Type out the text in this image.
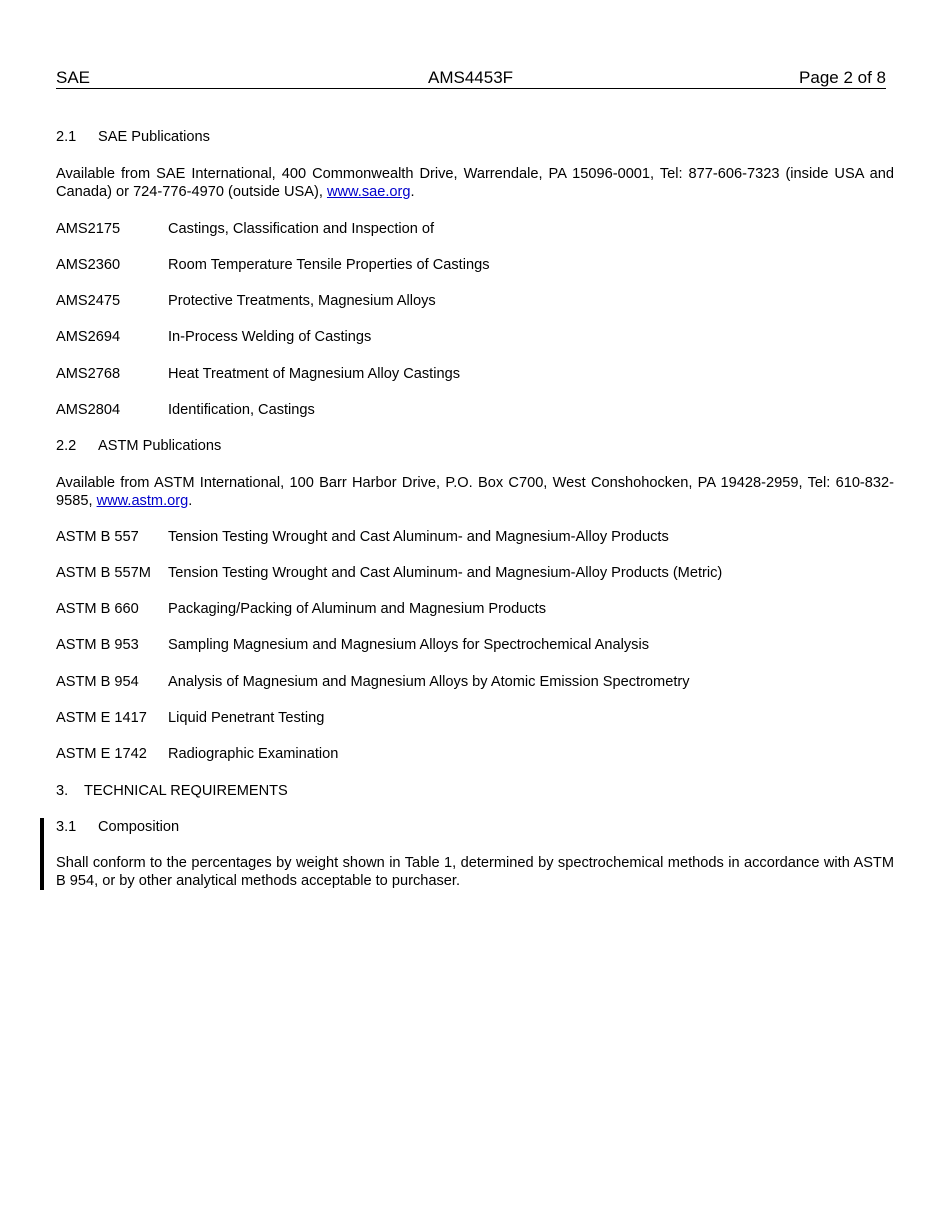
SAE	AMS4453F	Page 2 of 8

2.1 SAE Publications

Available from SAE International, 400 Commonwealth Drive, Warrendale, PA 15096-0001, Tel: 877-606-7323 (inside USA and Canada) or 724-776-4970 (outside USA), www.sae.org.

AMS2175	Castings, Classification and Inspection of
AMS2360	Room Temperature Tensile Properties of Castings
AMS2475	Protective Treatments, Magnesium Alloys
AMS2694	In-Process Welding of Castings
AMS2768	Heat Treatment of Magnesium Alloy Castings
AMS2804	Identification, Castings

2.2 ASTM Publications

Available from ASTM International, 100 Barr Harbor Drive, P.O. Box C700, West Conshohocken, PA 19428-2959, Tel: 610-832-9585, www.astm.org.

ASTM B 557	Tension Testing Wrought and Cast Aluminum- and Magnesium-Alloy Products
ASTM B 557M	Tension Testing Wrought and Cast Aluminum- and Magnesium-Alloy Products (Metric)
ASTM B 660	Packaging/Packing of Aluminum and Magnesium Products
ASTM B 953	Sampling Magnesium and Magnesium Alloys for Spectrochemical Analysis
ASTM B 954	Analysis of Magnesium and Magnesium Alloys by Atomic Emission Spectrometry
ASTM E 1417	Liquid Penetrant Testing
ASTM E 1742	Radiographic Examination

3. TECHNICAL REQUIREMENTS

3.1 Composition

Shall conform to the percentages by weight shown in Table 1, determined by spectrochemical methods in accordance with ASTM B 954, or by other analytical methods acceptable to purchaser.
